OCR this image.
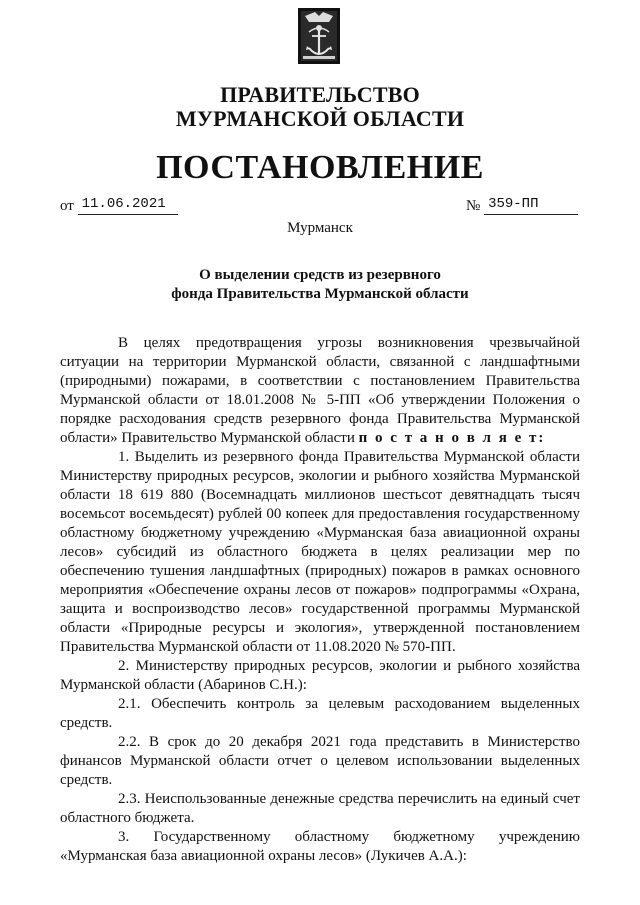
ПРАВИТЕЛЬСТВО
МУРМАНСКОЙ ОБЛАСТИ
ПОСТАНОВЛЕНИЕ
от 11.06.2021	№ 359-ПП
Мурманск
О выделении средств из резервного
фонда Правительства Мурманской области

В целях предотвращения угрозы возникновения чрезвычайной ситуации на территории Мурманской области, связанной с ландшафтными (природными) пожарами, в соответствии с постановлением Правительства Мурманской области от 18.01.2008 № 5-ПП «Об утверждении Положения о порядке расходования средств резервного фонда Правительства Мурманской области» Правительство Мурманской области п о с т а н о в л я е т:

1. Выделить из резервного фонда Правительства Мурманской области Министерству природных ресурсов, экологии и рыбного хозяйства Мурманской области 18 619 880 (Восемнадцать миллионов шестьсот девятнадцать тысяч восемьсот восемьдесят) рублей 00 копеек для предоставления государственному областному бюджетному учреждению «Мурманская база авиационной охраны лесов» субсидий из областного бюджета в целях реализации мер по обеспечению тушения ландшафтных (природных) пожаров в рамках основного мероприятия «Обеспечение охраны лесов от пожаров» подпрограммы «Охрана, защита и воспроизводство лесов» государственной программы Мурманской области «Природные ресурсы и экология», утвержденной постановлением Правительства Мурманской области от 11.08.2020 № 570-ПП.

2. Министерству природных ресурсов, экологии и рыбного хозяйства Мурманской области (Абаринов С.Н.):

2.1. Обеспечить контроль за целевым расходованием выделенных средств.

2.2. В срок до 20 декабря 2021 года представить в Министерство финансов Мурманской области отчет о целевом использовании выделенных средств.

2.3. Неиспользованные денежные средства перечислить на единый счет областного бюджета.

3. Государственному областному бюджетному учреждению «Мурманская база авиационной охраны лесов» (Лукичев А.А.):
